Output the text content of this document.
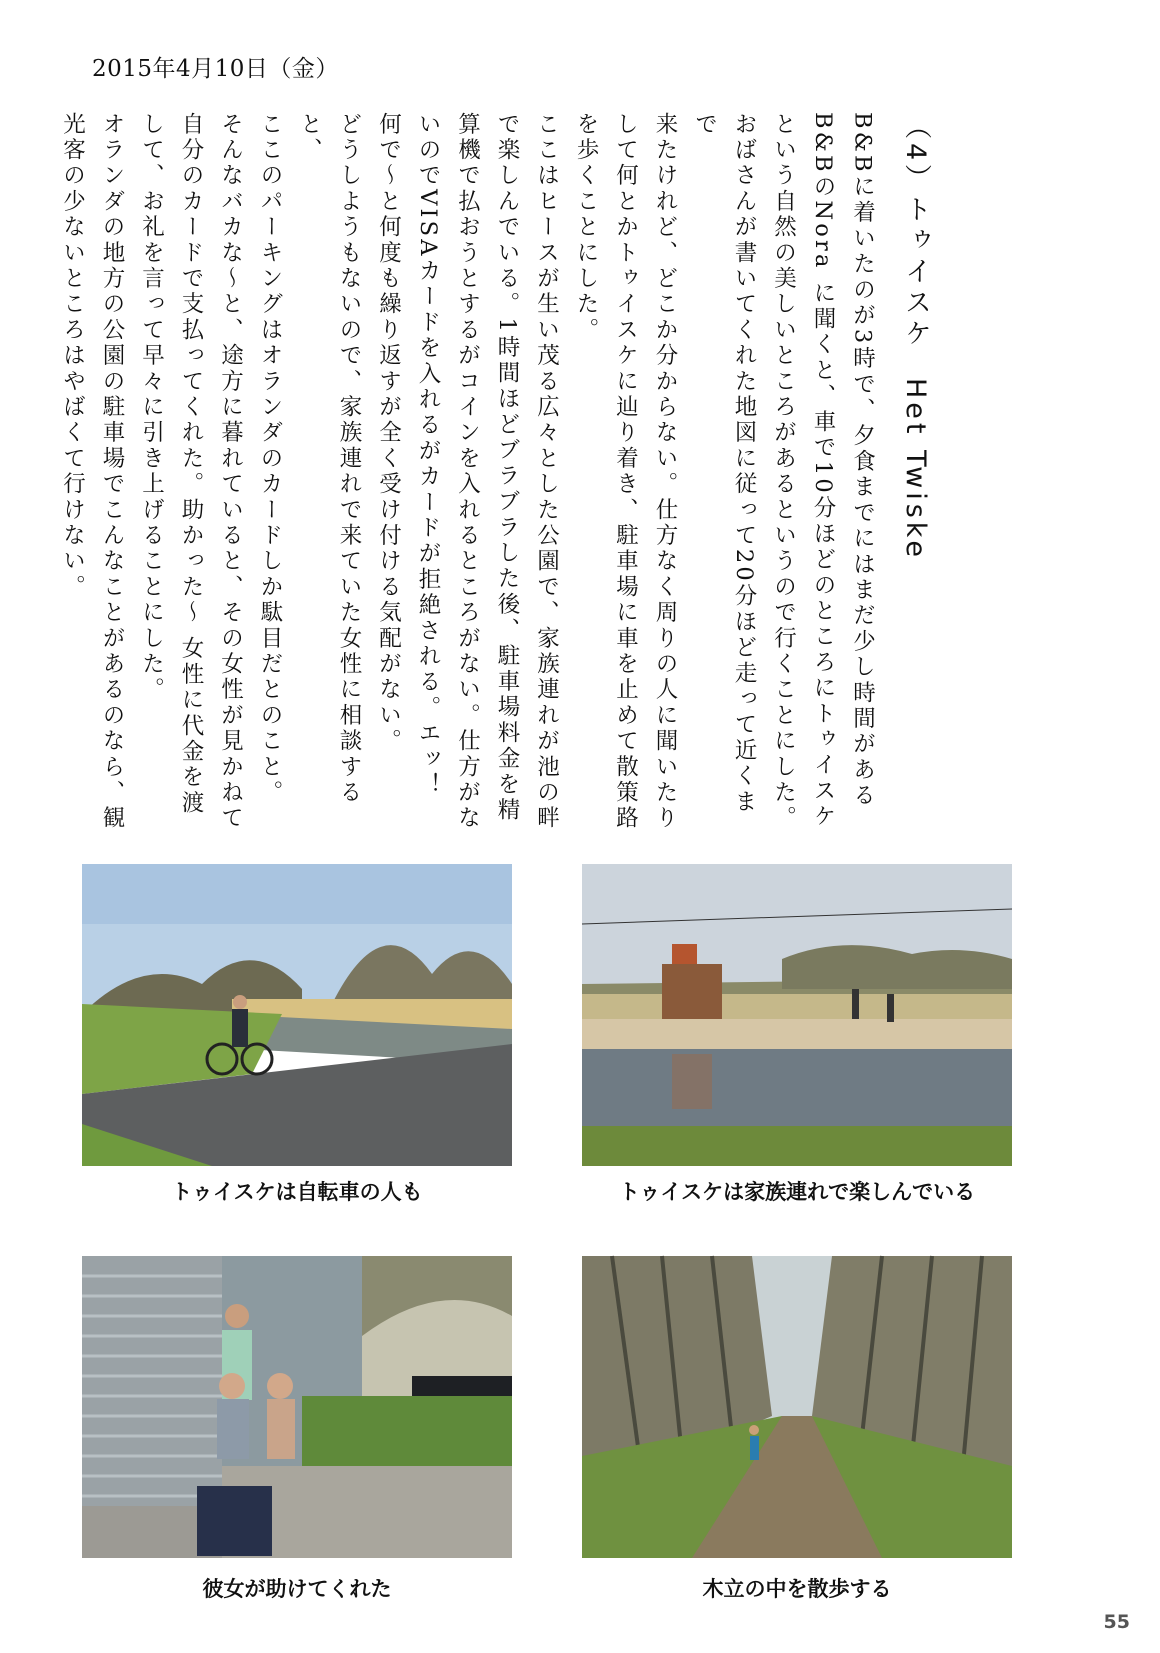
2015年4月10日（金）
（4）トゥイスケHet Twiske
B&Bに着いたのが3時で、夕食までにはまだ少し時間がある
B&BのNora に聞くと、車で10分ほどのところにトゥイスケ
という自然の美しいところがあるというので行くことにした。
おばさんが書いてくれた地図に従って20分ほど走って近くまで
来たけれど、どこか分からない。仕方なく周りの人に聞いたり
して何とかトゥイスケに辿り着き、駐車場に車を止めて散策路
を歩くことにした。
ここはヒースが生い茂る広々とした公園で、家族連れが池の畔
で楽しんでいる。1時間ほどブラブラした後、駐車場料金を精
算機で払おうとするがコインを入れるところがない。仕方がな
いのでVISAカードを入れるがカードが拒絶される。エッ！
何で～と何度も繰り返すが全く受け付ける気配がない。
どうしようもないので、家族連れで来ていた女性に相談すると、
ここのパーキングはオランダのカードしか駄目だとのこと。
そんなバカな～と、途方に暮れていると、その女性が見かねて
自分のカードで支払ってくれた。助かった～ 女性に代金を渡
して、お礼を言って早々に引き上げることにした。
オランダの地方の公園の駐車場でこんなことがあるのなら、観
光客の少ないところはやばくて行けない。
トゥイスケは自転車の人も	トゥイスケは家族連れで楽しんでいる
彼女が助けてくれた	木立の中を散歩する
55
